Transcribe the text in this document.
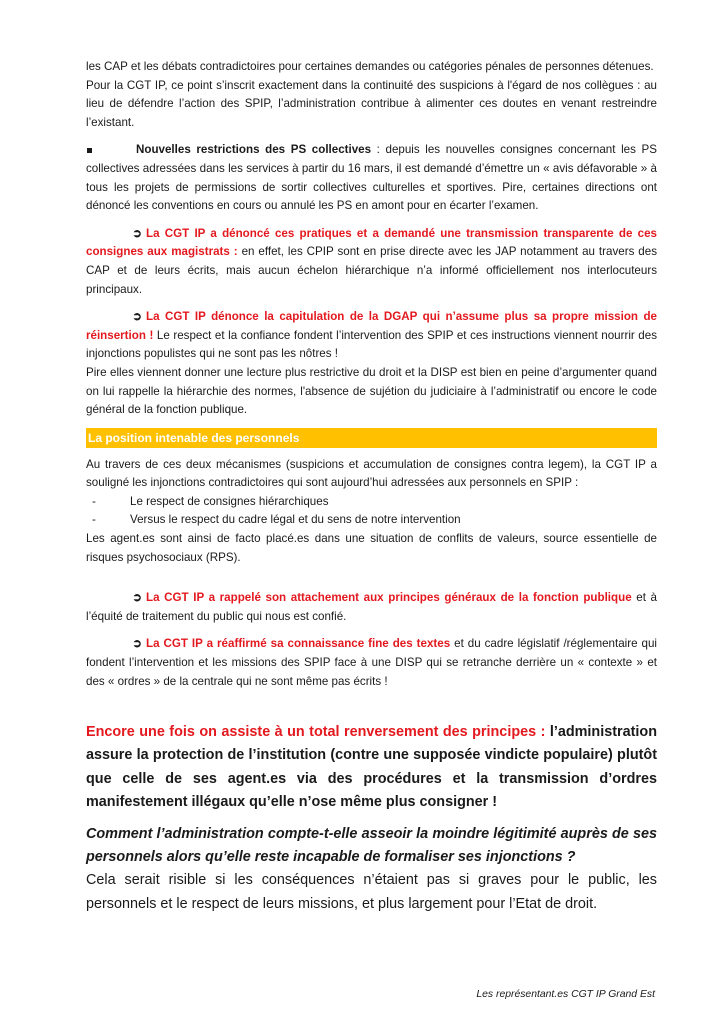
les CAP et les débats contradictoires pour certaines demandes ou catégories pénales de personnes détenues.

Pour la CGT IP, ce point s’inscrit exactement dans la continuité des suspicions à l'égard de nos collègues : au lieu de défendre l’action des SPIP, l’administration contribue à alimenter ces doutes en venant restreindre l’existant.

Nouvelles restrictions des PS collectives : depuis les nouvelles consignes concernant les PS collectives adressées dans les services à partir du 16 mars, il est demandé d’émettre un « avis défavorable » à tous les projets de permissions de sortir collectives culturelles et sportives. Pire, certaines directions ont dénoncé les conventions en cours ou annulé les PS en amont pour en écarter l’examen.

➲ La CGT IP a dénoncé ces pratiques et a demandé une transmission transparente de ces consignes aux magistrats : en effet, les CPIP sont en prise directe avec les JAP notamment au travers des CAP et de leurs écrits, mais aucun échelon hiérarchique n’a informé officiellement nos interlocuteurs principaux.

➲ La CGT IP dénonce la capitulation de la DGAP qui n’assume plus sa propre mission de réinsertion ! Le respect et la confiance fondent l’intervention des SPIP et ces instructions viennent nourrir des injonctions populistes qui ne sont pas les nôtres !

Pire elles viennent donner une lecture plus restrictive du droit et la DISP est bien en peine d’argumenter quand on lui rappelle la hiérarchie des normes, l'absence de sujétion du judiciaire à l’administratif ou encore le code général de la fonction publique.

La position intenable des personnels

Au travers de ces deux mécanismes (suspicions et accumulation de consignes contra legem), la CGT IP a souligné les injonctions contradictoires qui sont aujourd’hui adressées aux personnels en SPIP :

-	Le respect de consignes hiérarchiques
-	Versus le respect du cadre légal et du sens de notre intervention

Les agent.es sont ainsi de facto placé.es dans une situation de conflits de valeurs, source essentielle de risques psychosociaux (RPS).

➲ La CGT IP a rappelé son attachement aux principes généraux de la fonction publique et à l’équité de traitement du public qui nous est confié.

➲ La CGT IP a réaffirmé sa connaissance fine des textes et du cadre législatif /réglementaire qui fondent l’intervention et les missions des SPIP face à une DISP qui se retranche derrière un « contexte » et des « ordres » de la centrale qui ne sont même pas écrits !

Encore une fois on assiste à un total renversement des principes : l’administration assure la protection de l’institution (contre une supposée vindicte populaire) plutôt que celle de ses agent.es via des procédures et la transmission d’ordres manifestement illégaux qu’elle n’ose même plus consigner !

Comment l’administration compte-t-elle asseoir la moindre légitimité auprès de ses personnels alors qu’elle reste incapable de formaliser ses injonctions ?

Cela serait risible si les conséquences n’étaient pas si graves pour le public, les personnels et le respect de leurs missions, et plus largement pour l’Etat de droit.

Les représentant.es CGT IP Grand Est
